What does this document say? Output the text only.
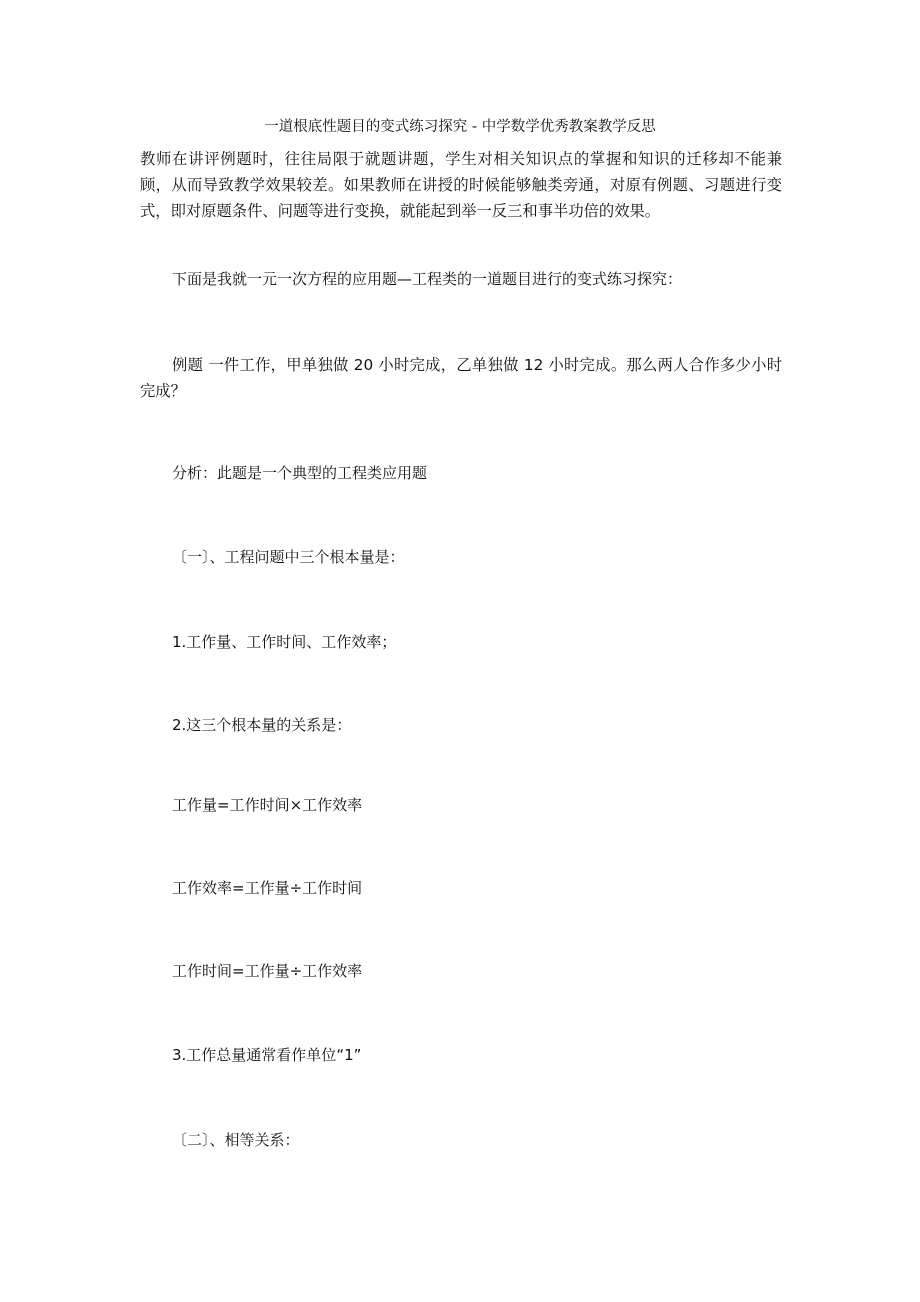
一道根底性题目的变式练习探究 - 中学数学优秀教案教学反思
教师在讲评例题时，往往局限于就题讲题，学生对相关知识点的掌握和知识的迁移却不能兼顾，从而导致教学效果较差。如果教师在讲授的时候能够触类旁通，对原有例题、习题进行变式，即对原题条件、问题等进行变换，就能起到举一反三和事半功倍的效果。
下面是我就一元一次方程的应用题—工程类的一道题目进行的变式练习探究：
例题 一件工作，甲单独做 20 小时完成，乙单独做 12 小时完成。那么两人合作多少小时完成？
分析：此题是一个典型的工程类应用题
〔一〕、工程问题中三个根本量是：
1.工作量、工作时间、工作效率；
2.这三个根本量的关系是：
工作量=工作时间×工作效率
工作效率=工作量÷工作时间
工作时间=工作量÷工作效率
3.工作总量通常看作单位“1”
〔二〕、相等关系：
